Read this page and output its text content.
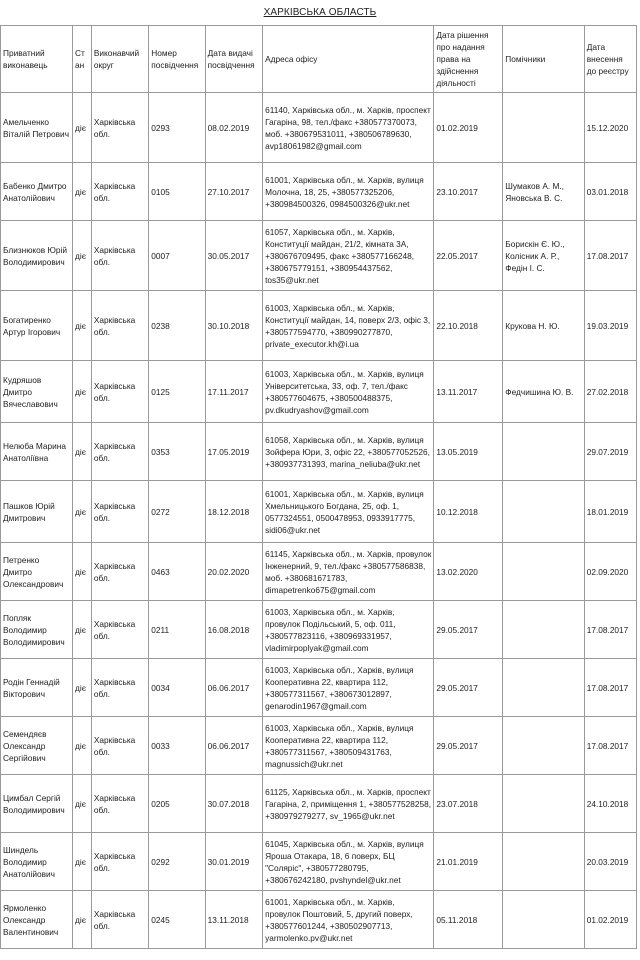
ХАРКІВСЬКА ОБЛАСТЬ
Приватний виконавець	Стан	Виконавчий округ	Номер посвідчення	Дата видачі посвідчення	Адреса офісу	Дата рішення про надання права на здійснення діяльності	Помічники	Дата внесення до реєстру
Амельченко Віталій Петрович	діє	Харківська обл.	0293	08.02.2019	61140, Харківська обл., м. Харків, проспект Гагаріна, 98, тел./факс +380577370073, моб. +380679531011, +380506789630, avp18061982@gmail.com	01.02.2019		15.12.2020
Бабенко Дмитро Анатолійович	діє	Харківська обл.	0105	27.10.2017	61001, Харківська обл., м. Харків, вулиця Молочна, 18, 25, +380577325206, +380984500326, 0984500326@ukr.net	23.10.2017	Шумаков А. М., Яновська В. С.	03.01.2018
Близнюков Юрій Володимирович	діє	Харківська обл.	0007	30.05.2017	61057, Харківська обл., м. Харків, Конституції майдан, 21/2, кімната 3А, +380676709495, факс +380577166248, +380675779151, +380954437562, tos35@ukr.net	22.05.2017	Борискін Є. Ю., Колісник А. Р., Федін І. С.	17.08.2017
Богатиренко Артур Ігорович	діє	Харківська обл.	0238	30.10.2018	61003, Харківська обл., м. Харків, Конституції майдан, 14, поверх 2/3, офіс 3, +380577594770, +380990277870, private_executor.kh@i.ua	22.10.2018	Крукова Н. Ю.	19.03.2019
Кудряшов Дмитро Вячеславович	діє	Харківська обл.	0125	17.11.2017	61003, Харківська обл., м. Харків, вулиця Університетська, 33, оф. 7, тел./факс +380577604675, +380500488375, pv.dkudryashov@gmail.com	13.11.2017	Федчишина Ю. В.	27.02.2018
Нелюба Марина Анатоліївна	діє	Харківська обл.	0353	17.05.2019	61058, Харківська обл., м. Харків, вулиця Зойфера Юри, 3, офіс 22, +380577052526, +380937731393, marina_neliuba@ukr.net	13.05.2019		29.07.2019
Пашков Юрій Дмитрович	діє	Харківська обл.	0272	18.12.2018	61001, Харківська обл., м. Харків, вулиця Хмельницького Богдана, 25, оф. 1, 0577324551, 0500478953, 0933917775, sidi06@ukr.net	10.12.2018		18.01.2019
Петренко Дмитро Олександрович	діє	Харківська обл.	0463	20.02.2020	61145, Харківська обл., м. Харків, провулок Інженерний, 9, тел./факс +380577586838, моб. +380681671783, dimapetrenko675@gmail.com	13.02.2020		02.09.2020
Попляк Володимир Володимирович	діє	Харківська обл.	0211	16.08.2018	61003, Харківська обл., м. Харків, провулок Подільський, 5, оф. 011, +380577823116, +380969331957, vladimirpoplyak@gmail.com	29.05.2017		17.08.2017
Родін Геннадій Вікторович	діє	Харківська обл.	0034	06.06.2017	61003, Харківська обл., Харків, вулиця Кооперативна 22, квартира 112, +380577311567, +380673012897, genarodin1967@gmail.com	29.05.2017		17.08.2017
Семендяєв Олександр Сергійович	діє	Харківська обл.	0033	06.06.2017	61003, Харківська обл., Харків, вулиця Кооперативна 22, квартира 112, +380577311567, +380509431763, magnussich@ukr.net	29.05.2017		17.08.2017
Цимбал Сергій Володимирович	діє	Харківська обл.	0205	30.07.2018	61125, Харківська обл., м. Харків, проспект Гагаріна, 2, приміщення 1, +380577528258, +380979279277, sv_1965@ukr.net	23.07.2018		24.10.2018
Шиндель Володимир Анатолійович	діє	Харківська обл.	0292	30.01.2019	61045, Харківська обл., м. Харків, вулиця Ярошa Отакара, 18, 6 поверх, БЦ "Соляріс", +380577280795, +380676242180, pvshyndel@ukr.net	21.01.2019		20.03.2019
Ярмоленко Олександр Валентинович	діє	Харківська обл.	0245	13.11.2018	61001, Харківська обл., м. Харків, провулок Поштовий, 5, другий поверх, +380577601244, +380502907713, yarmolenko.pv@ukr.net	05.11.2018		01.02.2019
